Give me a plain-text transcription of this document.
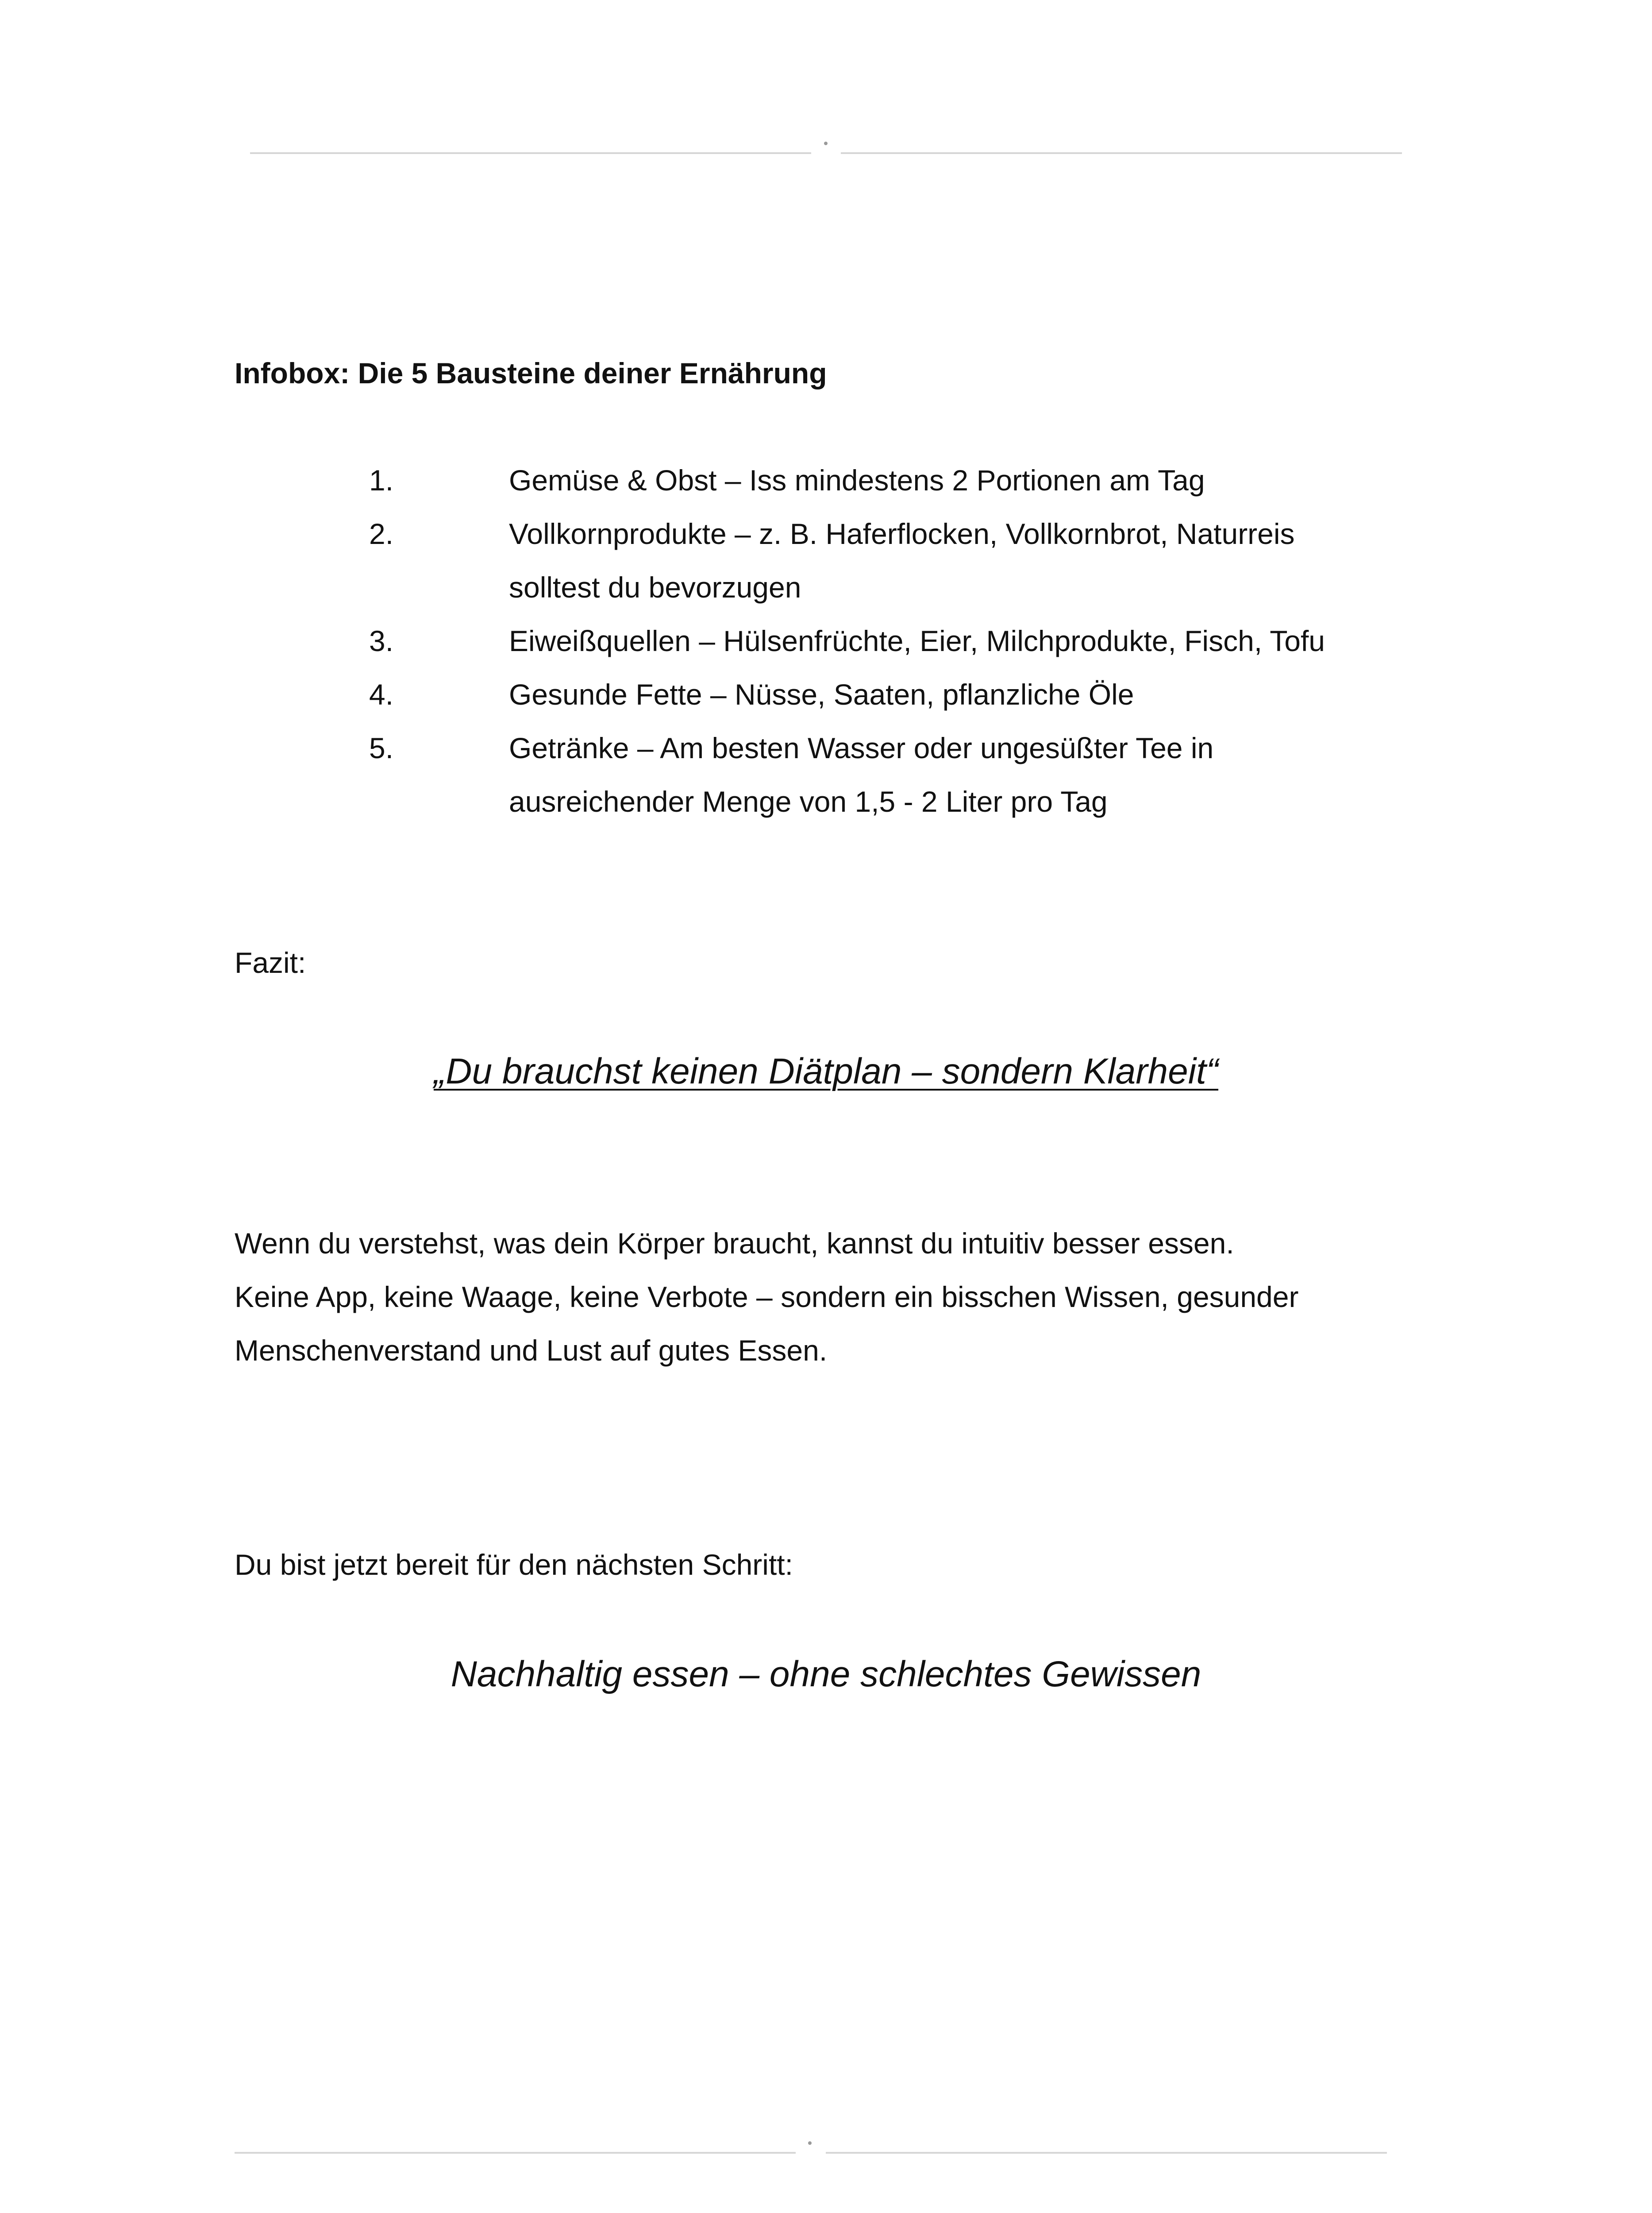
Infobox: Die 5 Bausteine deiner Ernährung
1.	Gemüse & Obst – Iss mindestens 2 Portionen am Tag
2.	Vollkornprodukte – z. B. Haferflocken, Vollkornbrot, Naturreis
solltest du bevorzugen
3.	Eiweißquellen – Hülsenfrüchte, Eier, Milchprodukte, Fisch, Tofu
4.	Gesunde Fette – Nüsse, Saaten, pflanzliche Öle
5.	Getränke – Am besten Wasser oder ungesüßter Tee in
ausreichender Menge von 1,5 - 2 Liter pro Tag
Fazit:
„Du brauchst keinen Diätplan – sondern Klarheit“
Wenn du verstehst, was dein Körper braucht, kannst du intuitiv besser essen.
Keine App, keine Waage, keine Verbote – sondern ein bisschen Wissen, gesunder
Menschenverstand und Lust auf gutes Essen.
Du bist jetzt bereit für den nächsten Schritt:
Nachhaltig essen – ohne schlechtes Gewissen
